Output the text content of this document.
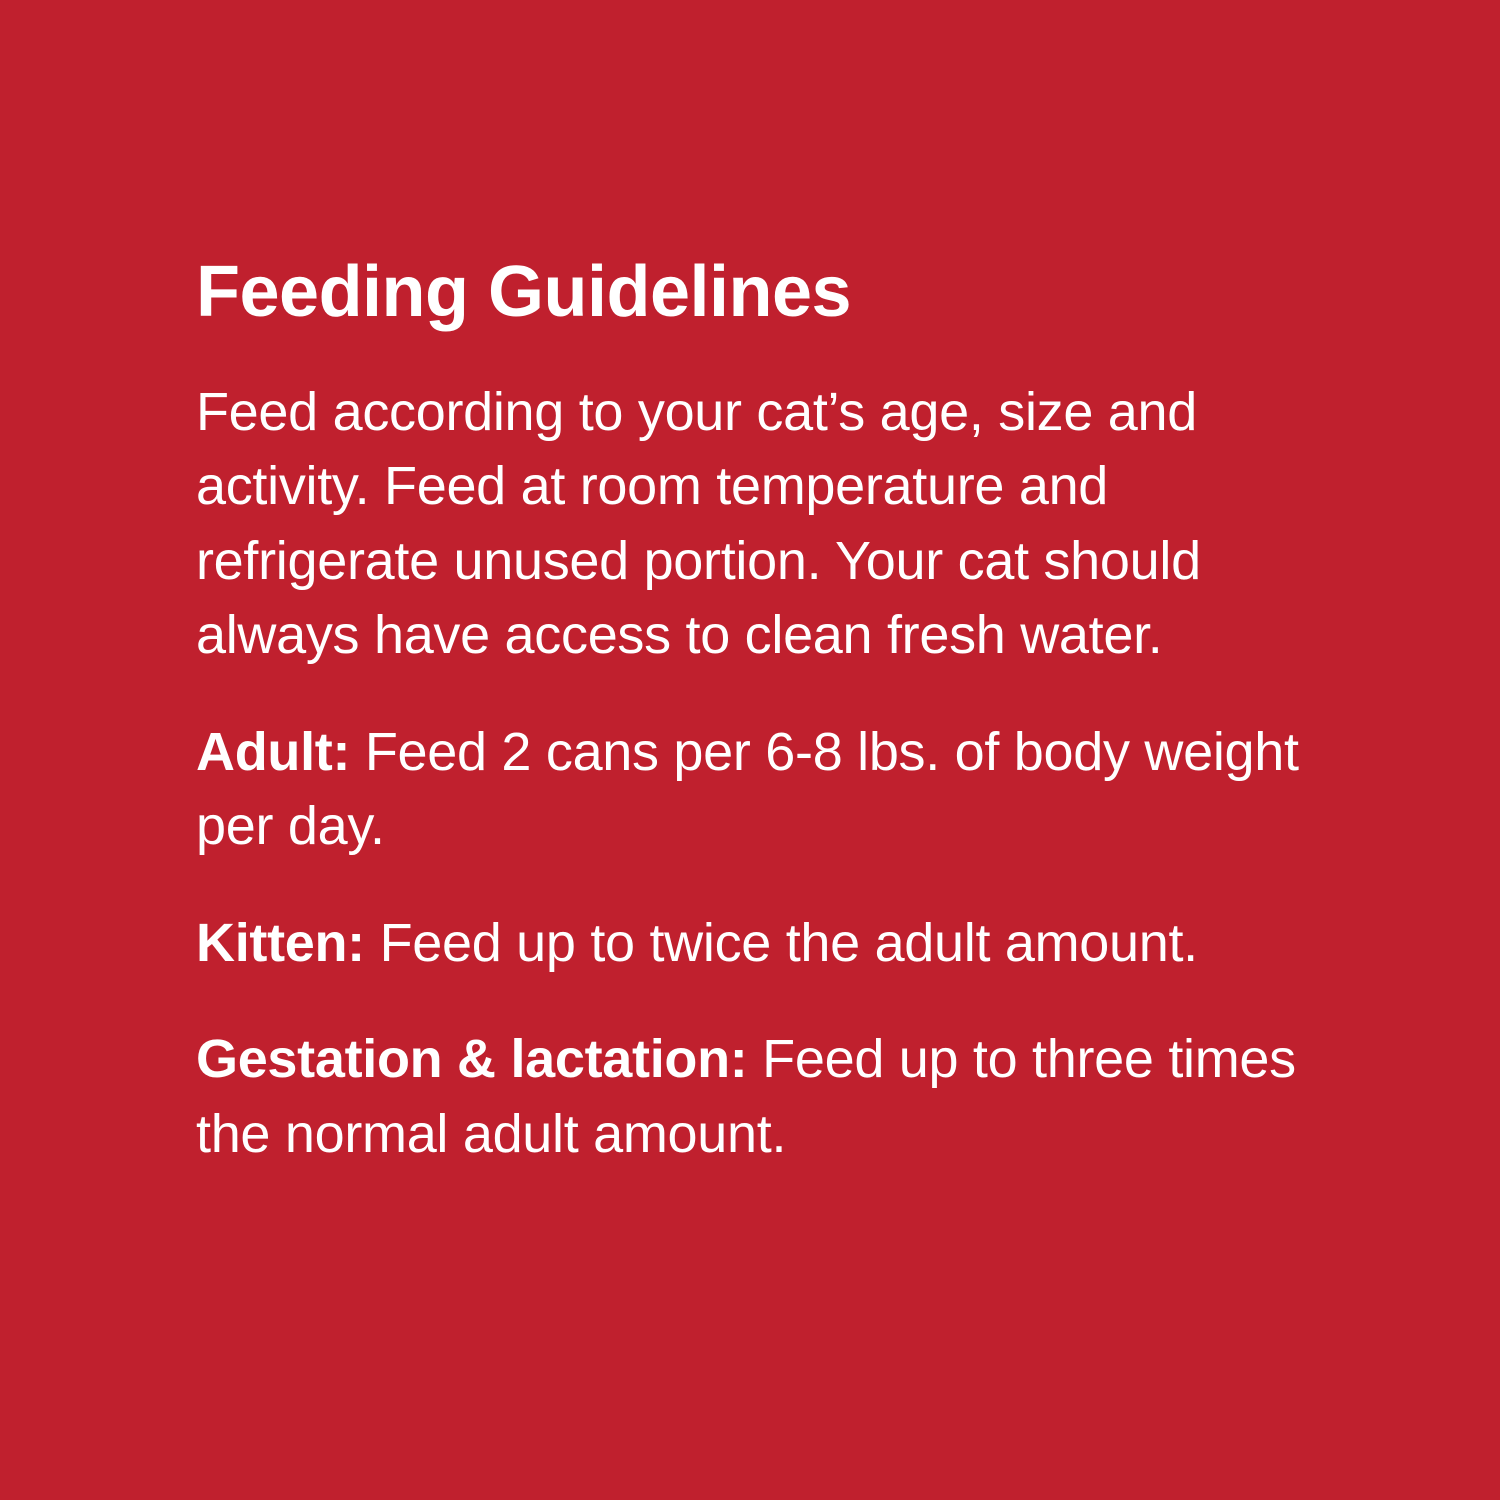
Feeding Guidelines

Feed according to your cat’s age, size and activity. Feed at room temperature and refrigerate unused portion. Your cat should always have access to clean fresh water.

Adult: Feed 2 cans per 6-8 lbs. of body weight per day.

Kitten: Feed up to twice the adult amount.

Gestation & lactation: Feed up to three times the normal adult amount.
